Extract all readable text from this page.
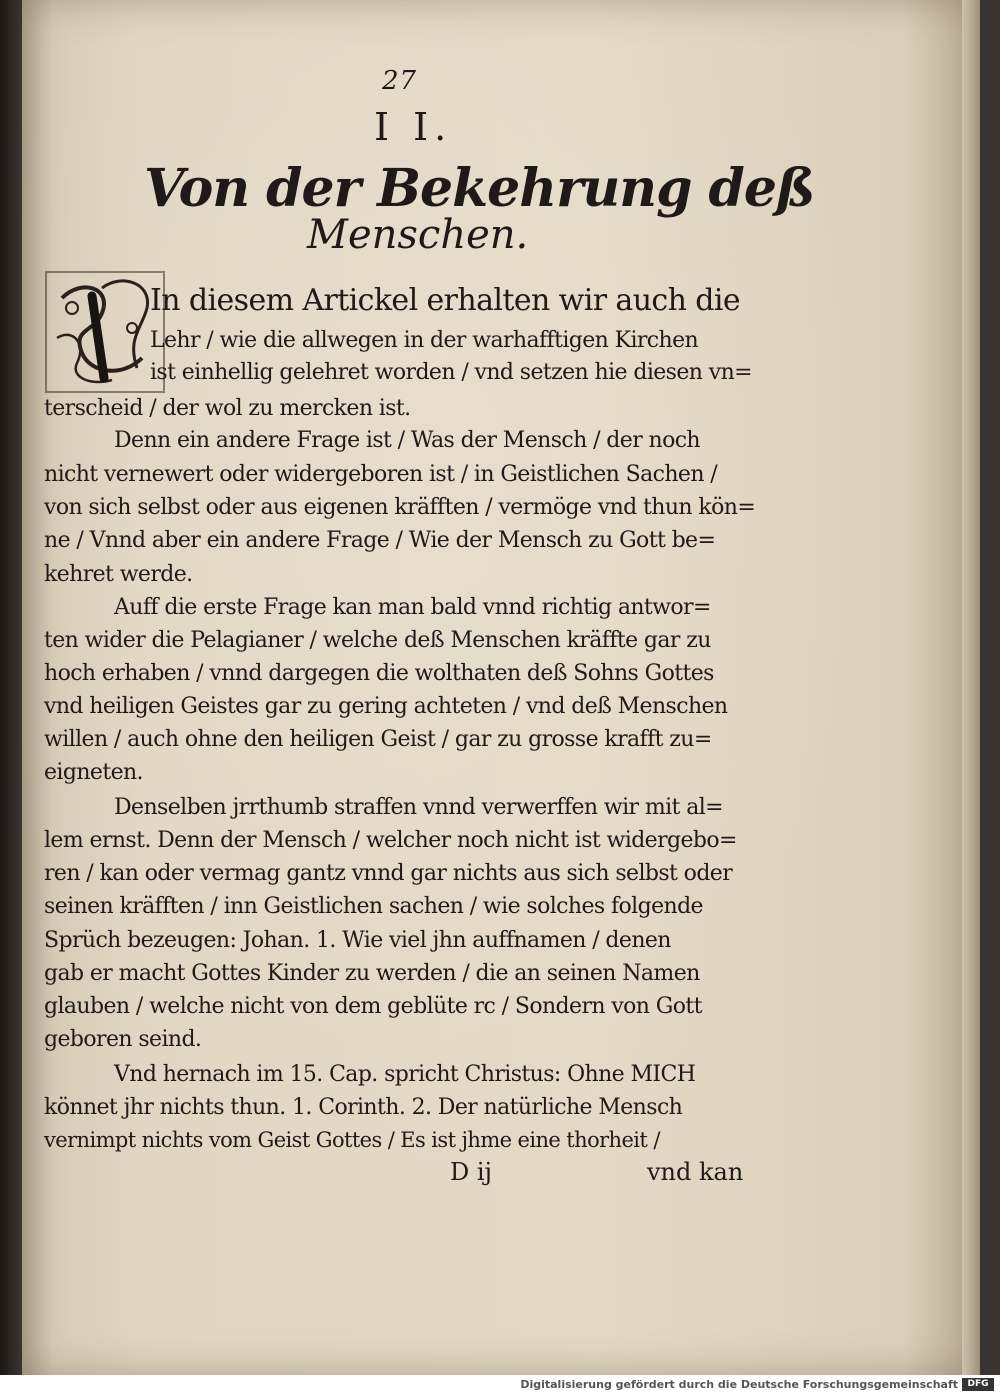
27
I I.
Von der Bekehrung deß
Menschen.
In diesem Artickel erhalten wir auch die
Lehr / wie die allwegen in der warhafftigen Kirchen
ist einhellig gelehret worden / vnd setzen hie diesen vn=
terscheid / der wol zu mercken ist.
Denn ein andere Frage ist / Was der Mensch / der noch
nicht vernewert oder widergeboren ist / in Geistlichen Sachen /
von sich selbst oder aus eigenen kräfften / vermöge vnd thun kön=
ne / Vnnd aber ein andere Frage / Wie der Mensch zu Gott be=
kehret werde.
Auff die erste Frage kan man bald vnnd richtig antwor=
ten wider die Pelagianer / welche deß Menschen kräffte gar zu
hoch erhaben / vnnd dargegen die wolthaten deß Sohns Gottes
vnd heiligen Geistes gar zu gering achteten / vnd deß Menschen
willen / auch ohne den heiligen Geist / gar zu grosse krafft zu=
eigneten.
Denselben jrrthumb straffen vnnd verwerffen wir mit al=
lem ernst. Denn der Mensch / welcher noch nicht ist widergebo=
ren / kan oder vermag gantz vnnd gar nichts aus sich selbst oder
seinen kräfften / inn Geistlichen sachen / wie solches folgende
Sprüch bezeugen: Johan. 1. Wie viel jhn auffnamen / denen
gab er macht Gottes Kinder zu werden / die an seinen Namen
glauben / welche nicht von dem geblüte rc / Sondern von Gott
geboren seind.
Vnd hernach im 15. Cap. spricht Christus: Ohne MICH
könnet jhr nichts thun. 1. Corinth. 2. Der natürliche Mensch
vernimpt nichts vom Geist Gottes / Es ist jhme eine thorheit /
D ij	vnd kan
Digitalisierung gefördert durch die Deutsche Forschungsgemeinschaft	DFG
